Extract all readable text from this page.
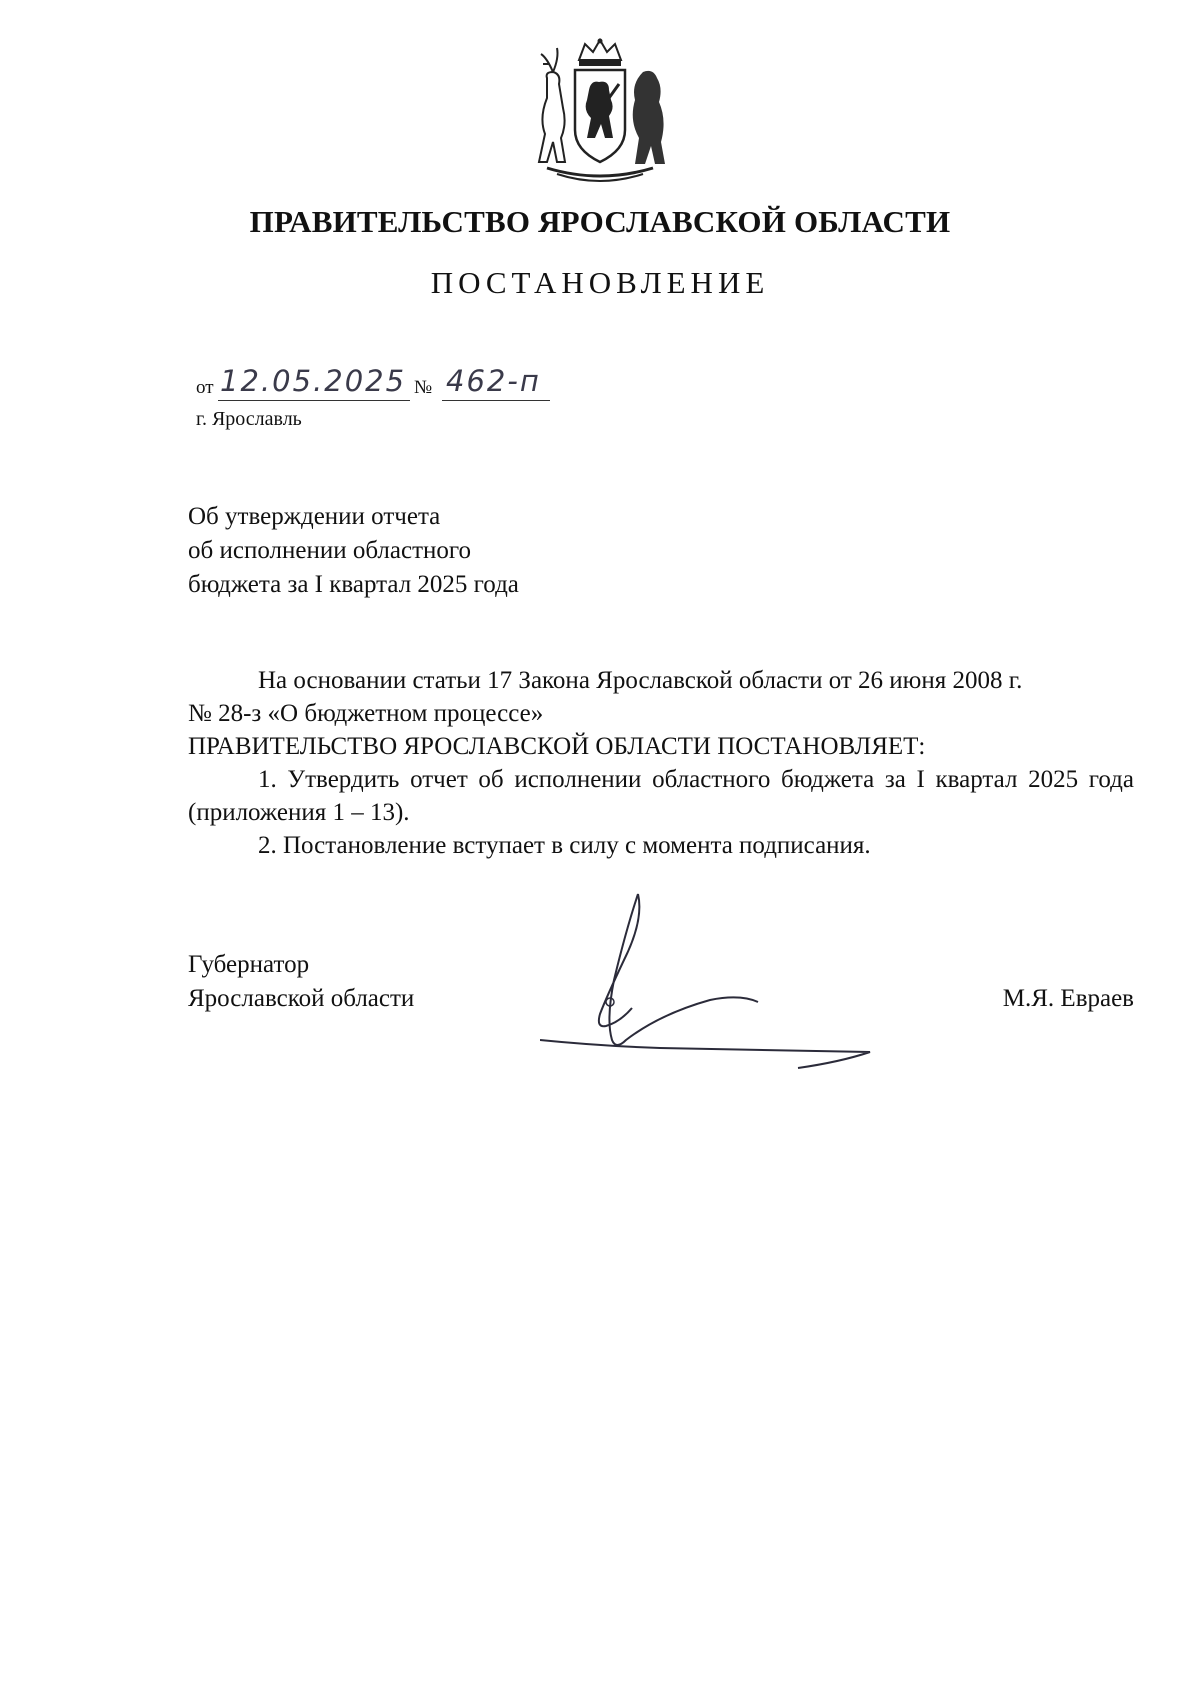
ПРАВИТЕЛЬСТВО ЯРОСЛАВСКОЙ ОБЛАСТИ
ПОСТАНОВЛЕНИЕ
от 12.05.2025 № 462-п
г. Ярославль
Об утверждении отчета
об исполнении областного
бюджета за I квартал 2025 года

На основании статьи 17 Закона Ярославской области от 26 июня 2008 г.

№ 28-з «О бюджетном процессе»

ПРАВИТЕЛЬСТВО ЯРОСЛАВСКОЙ ОБЛАСТИ ПОСТАНОВЛЯЕТ:

1. Утвердить отчет об исполнении областного бюджета за I квартал 2025 года (приложения 1 – 13).

2. Постановление вступает в силу с момента подписания.

Губернатор
Ярославской области	М.Я. Евраев
